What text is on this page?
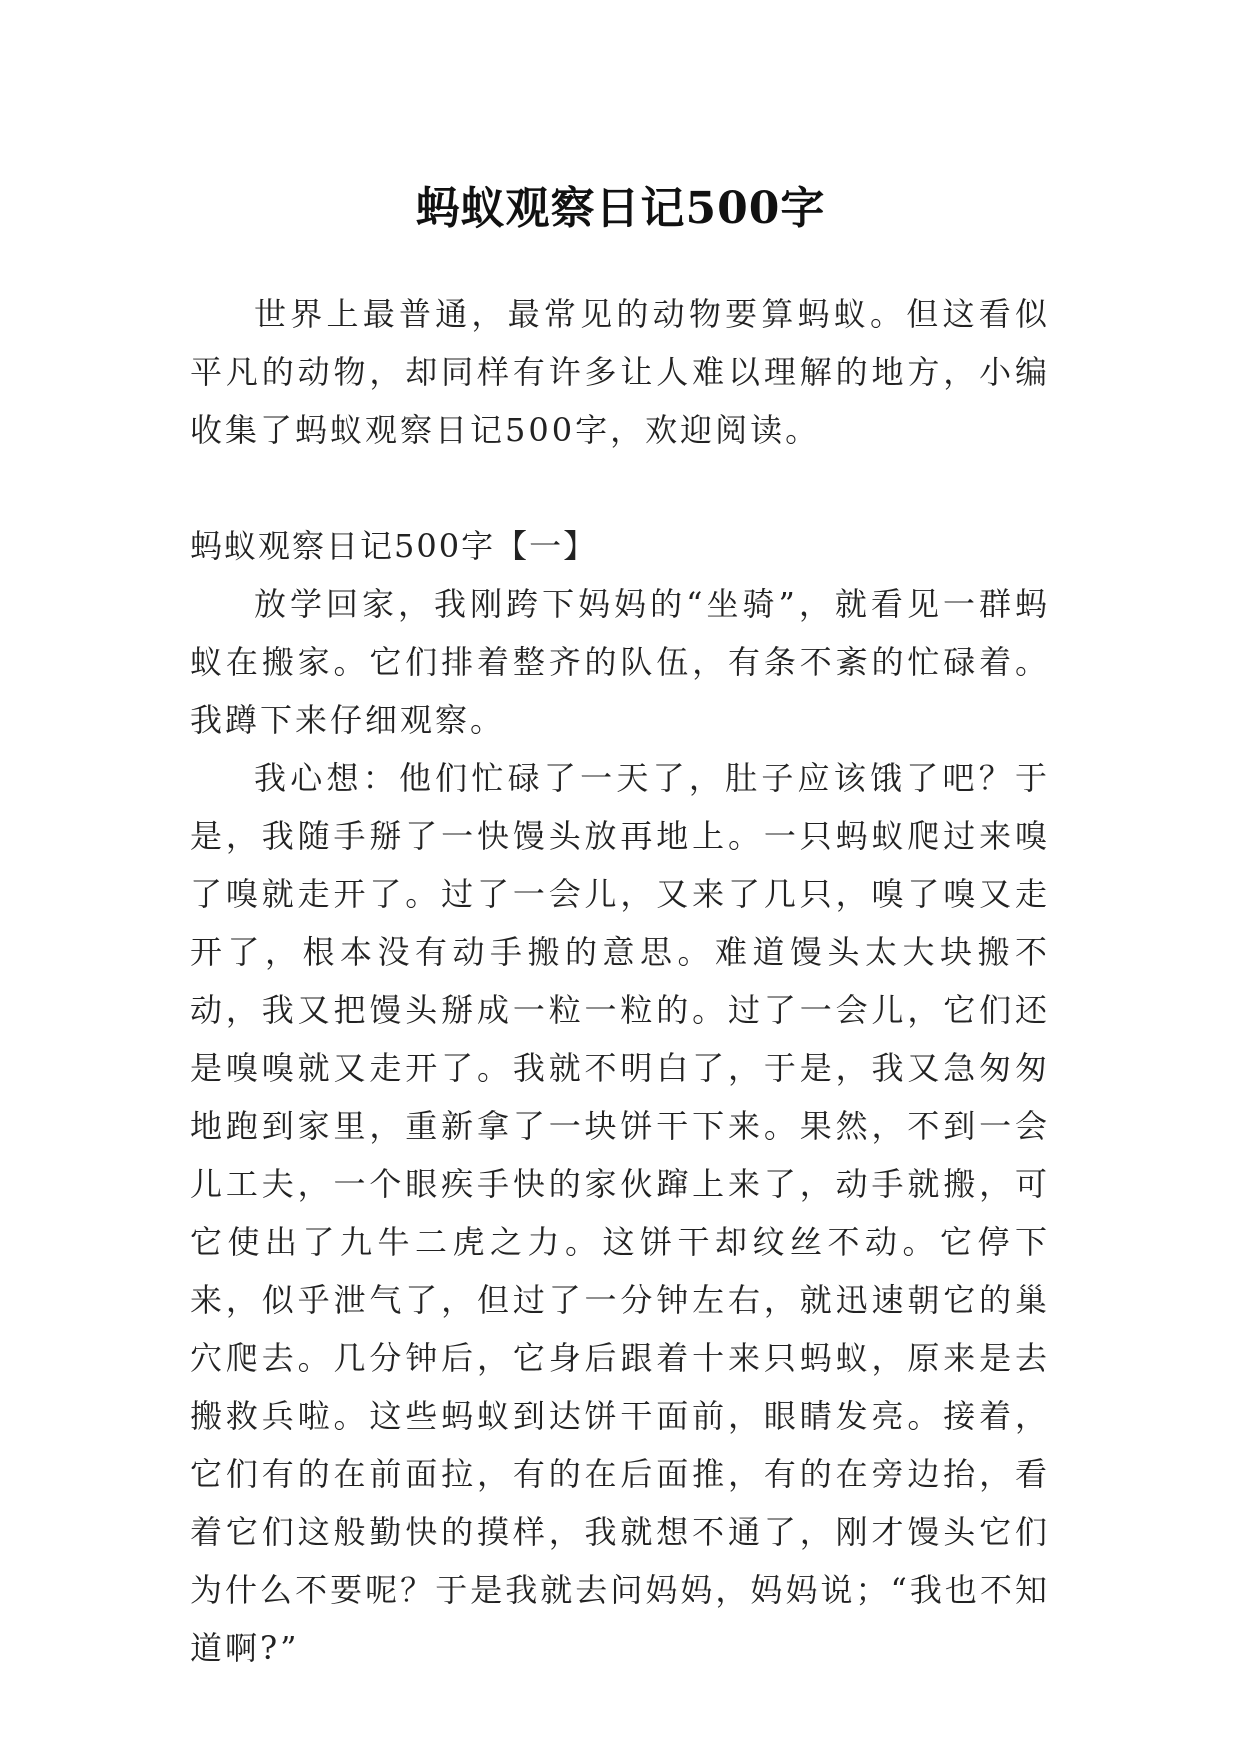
蚂蚁观察日记500字

世界上最普通，最常见的动物要算蚂蚁。但这看似平凡的动物，却同样有许多让人难以理解的地方，小编收集了蚂蚁观察日记500字，欢迎阅读。

蚂蚁观察日记500字【一】

放学回家，我刚跨下妈妈的“坐骑”，就看见一群蚂蚁在搬家。它们排着整齐的队伍，有条不紊的忙碌着。我蹲下来仔细观察。

我心想：他们忙碌了一天了，肚子应该饿了吧？于是，我随手掰了一快馒头放再地上。一只蚂蚁爬过来嗅了嗅就走开了。过了一会儿，又来了几只，嗅了嗅又走开了，根本没有动手搬的意思。难道馒头太大块搬不动，我又把馒头掰成一粒一粒的。过了一会儿，它们还是嗅嗅就又走开了。我就不明白了，于是，我又急匆匆地跑到家里，重新拿了一块饼干下来。果然，不到一会儿工夫，一个眼疾手快的家伙蹿上来了，动手就搬，可它使出了九牛二虎之力。这饼干却纹丝不动。它停下来，似乎泄气了，但过了一分钟左右，就迅速朝它的巢穴爬去。几分钟后，它身后跟着十来只蚂蚁，原来是去搬救兵啦。这些蚂蚁到达饼干面前，眼睛发亮。接着，它们有的在前面拉，有的在后面推，有的在旁边抬，看着它们这般勤快的摸样，我就想不通了，刚才馒头它们为什么不要呢？于是我就去问妈妈，妈妈说；“我也不知道啊?”
